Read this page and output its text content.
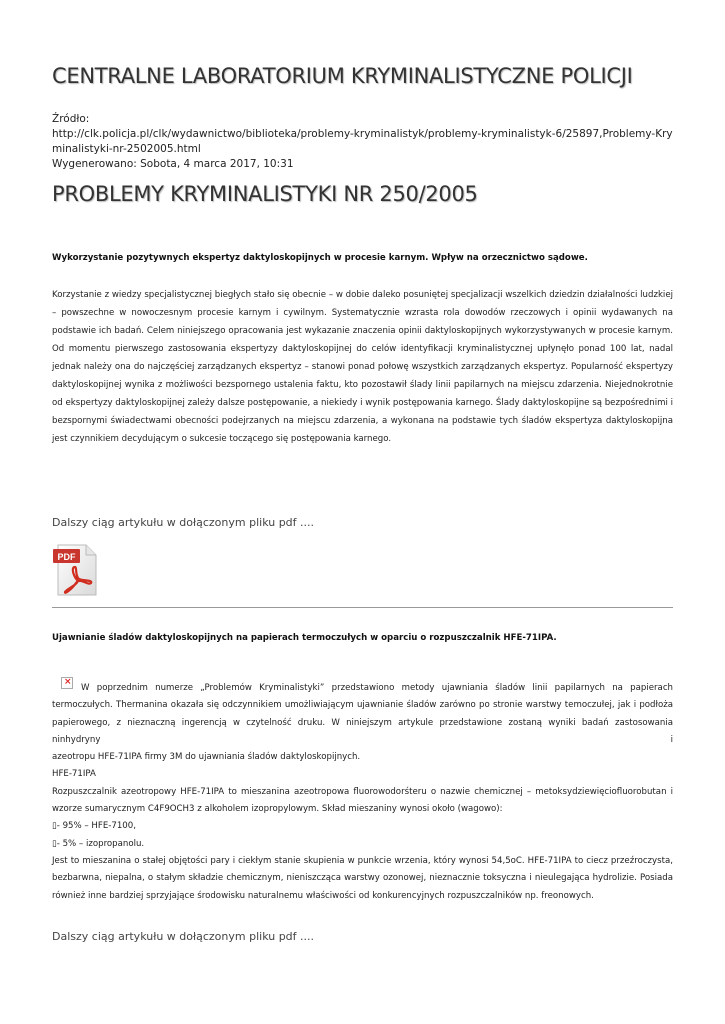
CENTRALNE LABORATORIUM KRYMINALISTYCZNE POLICJI
Źródło:
http://clk.policja.pl/clk/wydawnictwo/biblioteka/problemy-kryminalistyk/problemy-kryminalistyk-6/25897,Problemy-Kryminalistyki-nr-2502005.html
Wygenerowano: Sobota, 4 marca 2017, 10:31
PROBLEMY KRYMINALISTYKI NR 250/2005

Wykorzystanie pozytywnych ekspertyz daktyloskopijnych w procesie karnym. Wpływ na orzecznictwo sądowe.

Korzystanie z wiedzy specjalistycznej biegłych stało się obecnie – w dobie daleko posuniętej specjalizacji wszelkich dziedzin działalności ludzkiej – powszechne w nowoczesnym procesie karnym i cywilnym. Systematycznie wzrasta rola dowodów rzeczowych i opinii wydawanych na podstawie ich badań. Celem niniejszego opracowania jest wykazanie znaczenia opinii daktyloskopijnych wykorzystywanych w procesie karnym. Od momentu pierwszego zastosowania ekspertyzy daktyloskopijnej do celów identyfikacji kryminalistycznej upłynęło ponad 100 lat, nadal jednak należy ona do najczęściej zarządzanych ekspertyz – stanowi ponad połowę wszystkich zarządzanych ekspertyz. Popularność ekspertyzy daktyloskopijnej wynika z możliwości bezspornego ustalenia faktu, kto pozostawił ślady linii papilarnych na miejscu zdarzenia. Niejednokrotnie od ekspertyzy daktyloskopijnej zależy dalsze postępowanie, a niekiedy i wynik postępowania karnego. Ślady daktyloskopijne są bezpośrednimi i bezspornymi świadectwami obecności podejrzanych na miejscu zdarzenia, a wykonana na podstawie tych śladów ekspertyza daktyloskopijna jest czynnikiem decydującym o sukcesie toczącego się postępowania karnego.

Dalszy ciąg artykułu w dołączonym pliku pdf ....
PDF

Ujawnianie śladów daktyloskopijnych na papierach termoczułych w oparciu o rozpuszczalnik HFE-71IPA.

×
W poprzednim numerze „Problemów Kryminalistyki” przedstawiono metody ujawniania śladów linii papilarnych na papierach
termoczułych. Thermanina okazała się odczynnikiem umożliwiającym ujawnianie śladów zarówno po stronie warstwy temoczułej, jak i podłoża
papierowego, z nieznaczną ingerencją w czytelność druku. W niniejszym artykule przedstawione zostaną wyniki badań zastosowania ninhydryny i
azeotropu HFE-71IPA firmy 3M do ujawniania śladów daktyloskopijnych.
HFE-71IPA
Rozpuszczalnik azeotropowy HFE-71IPA to mieszanina azeotropowa fluorowodorśteru o nazwie chemicznej – metoksydziewięciofluorobutan i
wzorze sumarycznym C4F9OCH3 z alkoholem izopropylowym. Skład mieszaniny wynosi około (wagowo):
▯- 95% – HFE-7100,
▯- 5% – izopropanolu.
Jest to mieszanina o stałej objętości pary i ciekłym stanie skupienia w punkcie wrzenia, który wynosi 54,5oC. HFE-71IPA to ciecz przeźroczysta,
bezbarwna, niepalna, o stałym składzie chemicznym, nieniszcząca warstwy ozonowej, nieznacznie toksyczna i nieulegająca hydrolizie. Posiada
również inne bardziej sprzyjające środowisku naturalnemu właściwości od konkurencyjnych rozpuszczalników np. freonowych.
Dalszy ciąg artykułu w dołączonym pliku pdf ....
